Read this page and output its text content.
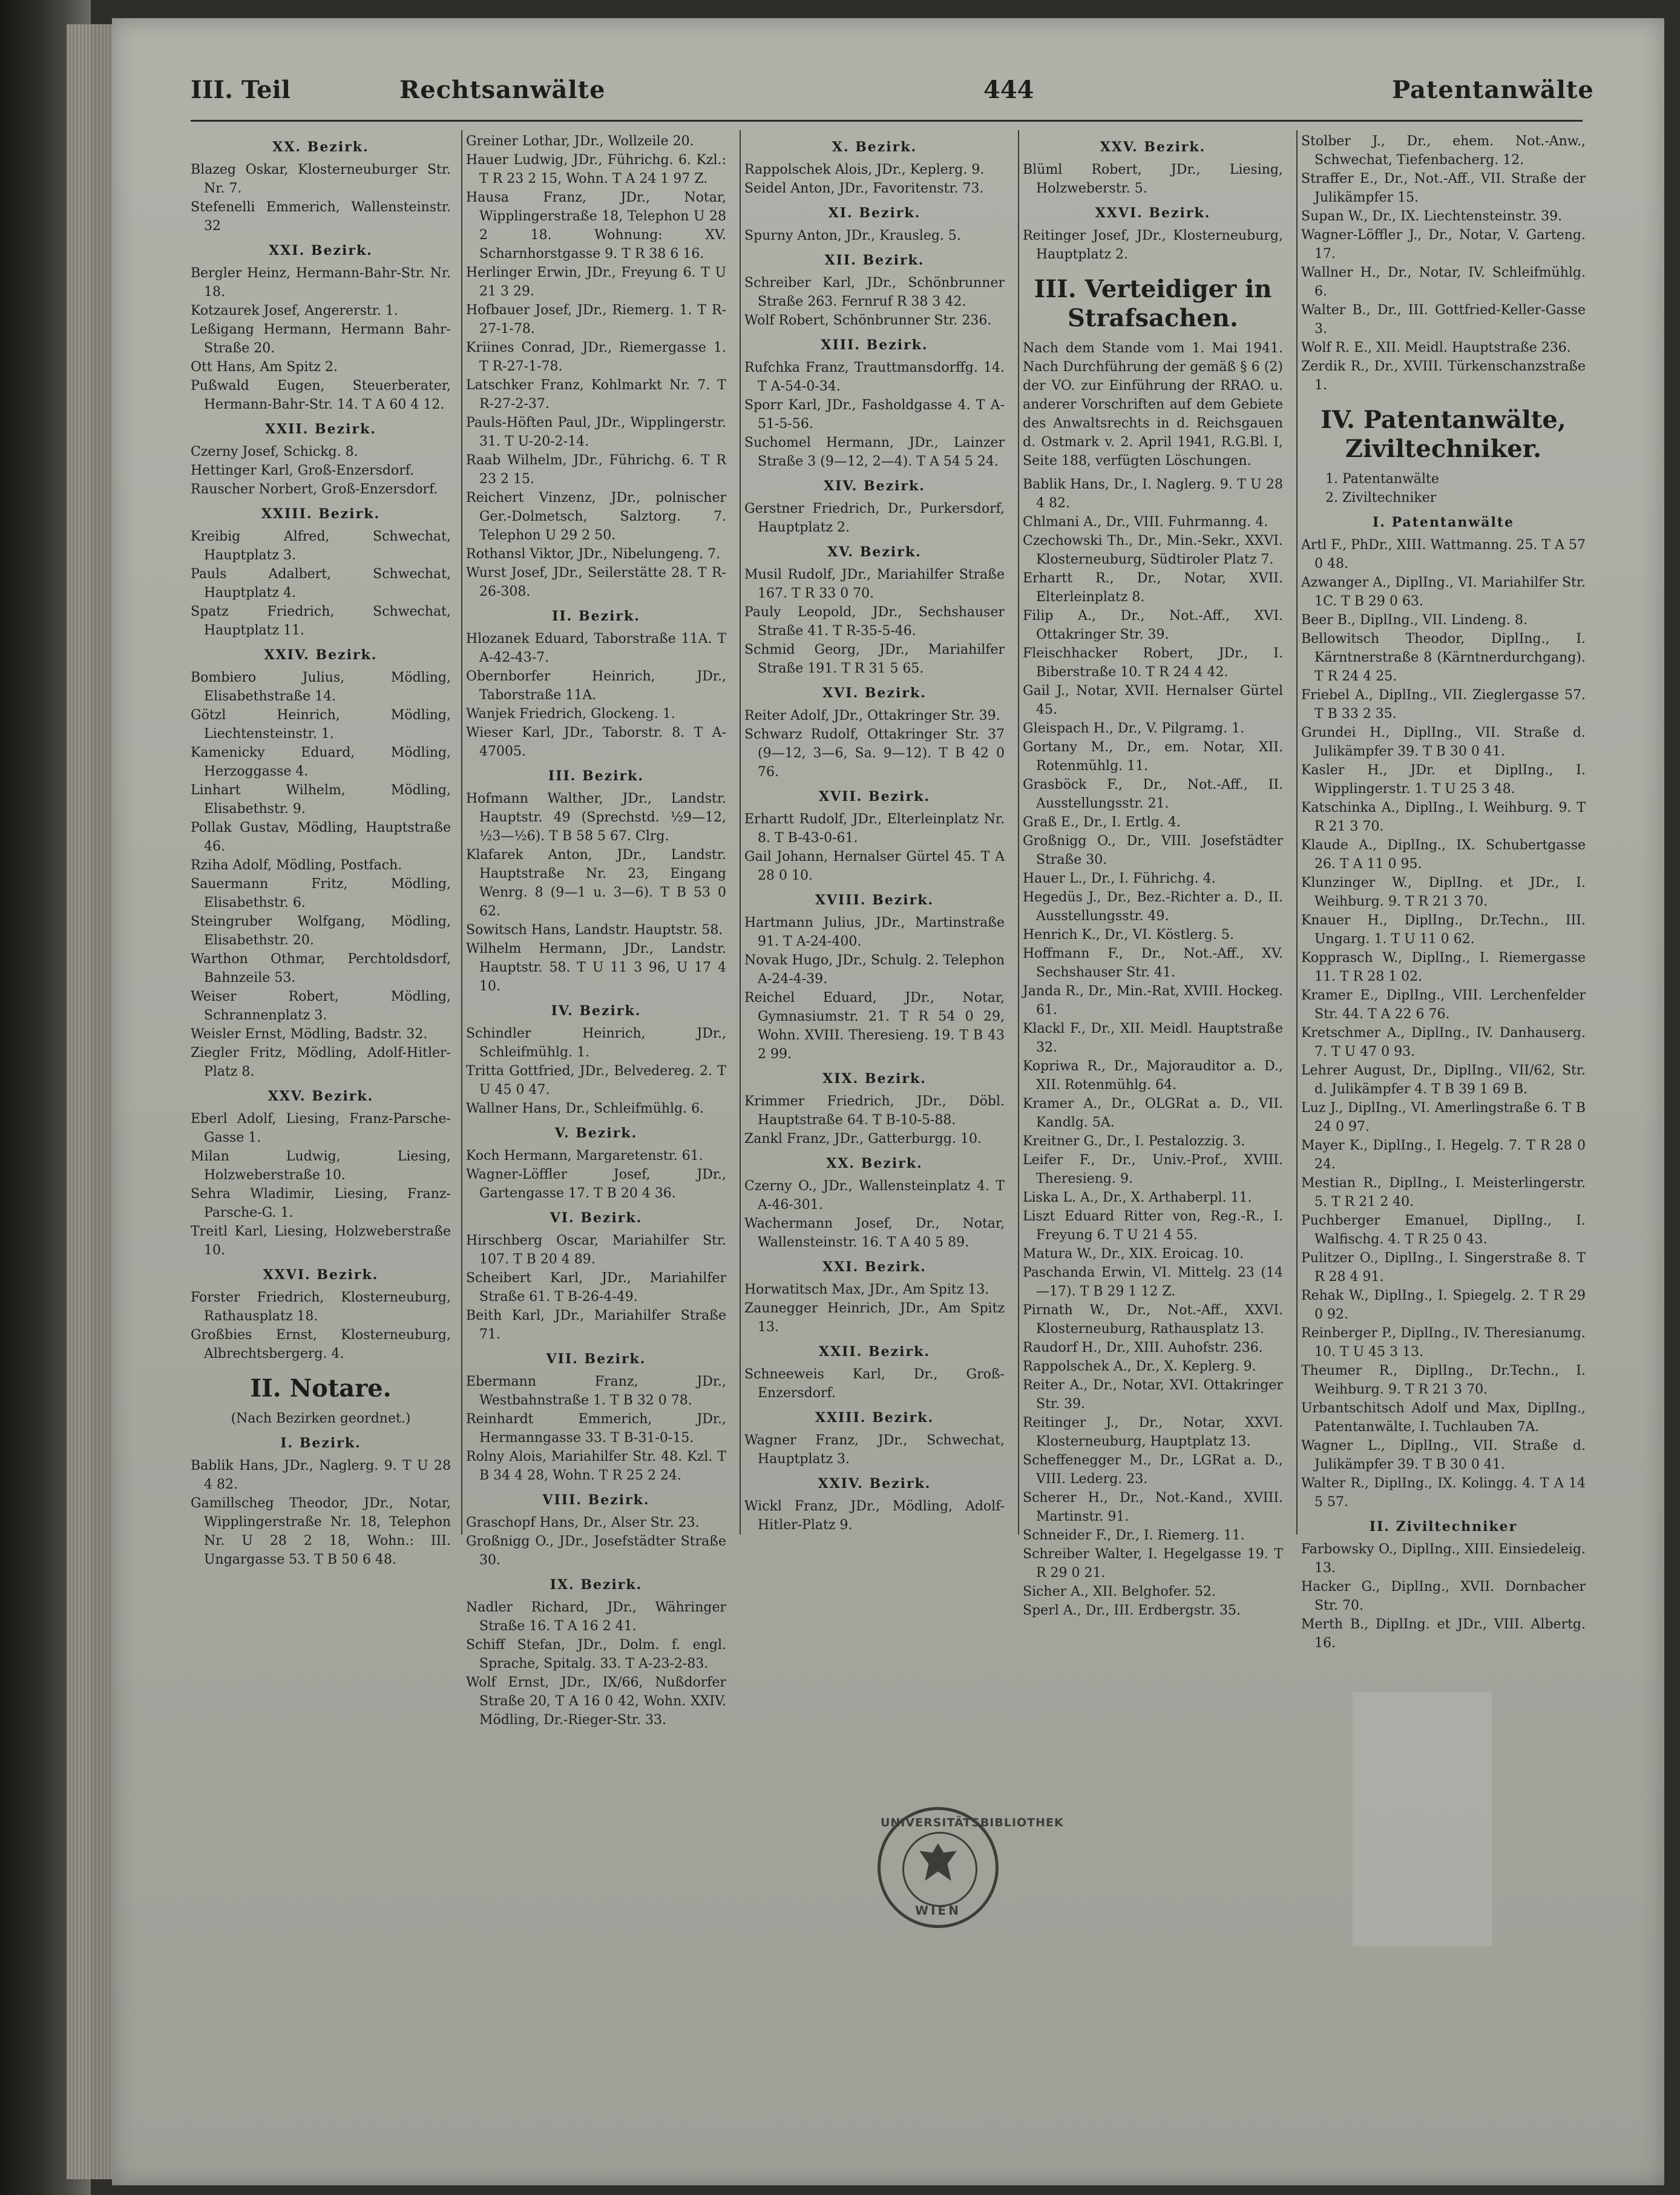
III. Teil	Rechtsanwälte	444	Patentanwälte
XX. Bezirk.

Blazeg Oskar, Klosterneuburger Str. Nr. 7.

Stefenelli Emmerich, Wallensteinstr. 32

XXI. Bezirk.

Bergler Heinz, Hermann-Bahr-Str. Nr. 18.

Kotzaurek Josef, Angererstr. 1.

Leßigang Hermann, Hermann Bahr-Straße 20.

Ott Hans, Am Spitz 2.

Pußwald Eugen, Steuerberater, Hermann-Bahr-Str. 14. T A 60 4 12.

XXII. Bezirk.

Czerny Josef, Schickg. 8.

Hettinger Karl, Groß-Enzersdorf.

Rauscher Norbert, Groß-Enzersdorf.

XXIII. Bezirk.

Kreibig Alfred, Schwechat, Hauptplatz 3.

Pauls Adalbert, Schwechat, Hauptplatz 4.

Spatz Friedrich, Schwechat, Hauptplatz 11.

XXIV. Bezirk.

Bombiero Julius, Mödling, Elisabethstraße 14.

Götzl Heinrich, Mödling, Liechtensteinstr. 1.

Kamenicky Eduard, Mödling, Herzoggasse 4.

Linhart Wilhelm, Mödling, Elisabethstr. 9.

Pollak Gustav, Mödling, Hauptstraße 46.

Rziha Adolf, Mödling, Postfach.

Sauermann Fritz, Mödling, Elisabethstr. 6.

Steingruber Wolfgang, Mödling, Elisabethstr. 20.

Warthon Othmar, Perchtoldsdorf, Bahnzeile 53.

Weiser Robert, Mödling, Schrannenplatz 3.

Weisler Ernst, Mödling, Badstr. 32.

Ziegler Fritz, Mödling, Adolf-Hitler-Platz 8.

XXV. Bezirk.

Eberl Adolf, Liesing, Franz-Parsche-Gasse 1.

Milan Ludwig, Liesing, Holzweberstraße 10.

Sehra Wladimir, Liesing, Franz-Parsche-G. 1.

Treitl Karl, Liesing, Holzweberstraße 10.

XXVI. Bezirk.

Forster Friedrich, Klosterneuburg, Rathausplatz 18.

Großbies Ernst, Klosterneuburg, Albrechtsbergerg. 4.

II. Notare.
(Nach Bezirken geordnet.)
I. Bezirk.

Bablik Hans, JDr., Naglerg. 9. T U 28 4 82.

Gamillscheg Theodor, JDr., Notar, Wipplingerstraße Nr. 18, Telephon Nr. U 28 2 18, Wohn.: III. Ungargasse 53. T B 50 6 48.

Greiner Lothar, JDr., Wollzeile 20.

Hauer Ludwig, JDr., Führichg. 6. Kzl.: T R 23 2 15, Wohn. T A 24 1 97 Z.

Hausa Franz, JDr., Notar, Wipplingerstraße 18, Telephon U 28 2 18. Wohnung: XV. Scharnhorstgasse 9. T R 38 6 16.

Herlinger Erwin, JDr., Freyung 6. T U 21 3 29.

Hofbauer Josef, JDr., Riemerg. 1. T R-27-1-78.

Kriines Conrad, JDr., Riemergasse 1. T R-27-1-78.

Latschker Franz, Kohlmarkt Nr. 7. T R-27-2-37.

Pauls-Höften Paul, JDr., Wipplingerstr. 31. T U-20-2-14.

Raab Wilhelm, JDr., Führichg. 6. T R 23 2 15.

Reichert Vinzenz, JDr., polnischer Ger.-Dolmetsch, Salztorg. 7. Telephon U 29 2 50.

Rothansl Viktor, JDr., Nibelungeng. 7.

Wurst Josef, JDr., Seilerstätte 28. T R-26-308.

II. Bezirk.

Hlozanek Eduard, Taborstraße 11A. T A-42-43-7.

Obernborfer Heinrich, JDr., Taborstraße 11A.

Wanjek Friedrich, Glockeng. 1.

Wieser Karl, JDr., Taborstr. 8. T A-47005.

III. Bezirk.

Hofmann Walther, JDr., Landstr. Hauptstr. 49 (Sprechstd. ½9—12, ½3—½6). T B 58 5 67. Clrg.

Klafarek Anton, JDr., Landstr. Hauptstraße Nr. 23, Eingang Wenrg. 8 (9—1 u. 3—6). T B 53 0 62.

Sowitsch Hans, Landstr. Hauptstr. 58.

Wilhelm Hermann, JDr., Landstr. Hauptstr. 58. T U 11 3 96, U 17 4 10.

IV. Bezirk.

Schindler Heinrich, JDr., Schleifmühlg. 1.

Tritta Gottfried, JDr., Belvedereg. 2. T U 45 0 47.

Wallner Hans, Dr., Schleifmühlg. 6.

V. Bezirk.

Koch Hermann, Margaretenstr. 61.

Wagner-Löffler Josef, JDr., Gartengasse 17. T B 20 4 36.

VI. Bezirk.

Hirschberg Oscar, Mariahilfer Str. 107. T B 20 4 89.

Scheibert Karl, JDr., Mariahilfer Straße 61. T B-26-4-49.

Beith Karl, JDr., Mariahilfer Straße 71.

VII. Bezirk.

Ebermann Franz, JDr., Westbahnstraße 1. T B 32 0 78.

Reinhardt Emmerich, JDr., Hermanngasse 33. T B-31-0-15.

Rolny Alois, Mariahilfer Str. 48. Kzl. T B 34 4 28, Wohn. T R 25 2 24.

VIII. Bezirk.

Graschopf Hans, Dr., Alser Str. 23.

Großnigg O., JDr., Josefstädter Straße 30.

IX. Bezirk.

Nadler Richard, JDr., Währinger Straße 16. T A 16 2 41.

Schiff Stefan, JDr., Dolm. f. engl. Sprache, Spitalg. 33. T A-23-2-83.

Wolf Ernst, JDr., IX/66, Nußdorfer Straße 20, T A 16 0 42, Wohn. XXIV. Mödling, Dr.-Rieger-Str. 33.

X. Bezirk.

Rappolschek Alois, JDr., Keplerg. 9.

Seidel Anton, JDr., Favoritenstr. 73.

XI. Bezirk.

Spurny Anton, JDr., Krausleg. 5.

XII. Bezirk.

Schreiber Karl, JDr., Schönbrunner Straße 263. Fernruf R 38 3 42.

Wolf Robert, Schönbrunner Str. 236.

XIII. Bezirk.

Rufchka Franz, Trauttmansdorffg. 14. T A-54-0-34.

Sporr Karl, JDr., Fasholdgasse 4. T A-51-5-56.

Suchomel Hermann, JDr., Lainzer Straße 3 (9—12, 2—4). T A 54 5 24.

XIV. Bezirk.

Gerstner Friedrich, Dr., Purkersdorf, Hauptplatz 2.

XV. Bezirk.

Musil Rudolf, JDr., Mariahilfer Straße 167. T R 33 0 70.

Pauly Leopold, JDr., Sechshauser Straße 41. T R-35-5-46.

Schmid Georg, JDr., Mariahilfer Straße 191. T R 31 5 65.

XVI. Bezirk.

Reiter Adolf, JDr., Ottakringer Str. 39.

Schwarz Rudolf, Ottakringer Str. 37 (9—12, 3—6, Sa. 9—12). T B 42 0 76.

XVII. Bezirk.

Erhartt Rudolf, JDr., Elterleinplatz Nr. 8. T B-43-0-61.

Gail Johann, Hernalser Gürtel 45. T A 28 0 10.

XVIII. Bezirk.

Hartmann Julius, JDr., Martinstraße 91. T A-24-400.

Novak Hugo, JDr., Schulg. 2. Telephon A-24-4-39.

Reichel Eduard, JDr., Notar, Gymnasiumstr. 21. T R 54 0 29, Wohn. XVIII. Theresieng. 19. T B 43 2 99.

XIX. Bezirk.

Krimmer Friedrich, JDr., Döbl. Hauptstraße 64. T B-10-5-88.

Zankl Franz, JDr., Gatterburgg. 10.

XX. Bezirk.

Czerny O., JDr., Wallensteinplatz 4. T A-46-301.

Wachermann Josef, Dr., Notar, Wallensteinstr. 16. T A 40 5 89.

XXI. Bezirk.

Horwatitsch Max, JDr., Am Spitz 13.

Zaunegger Heinrich, JDr., Am Spitz 13.

XXII. Bezirk.

Schneeweis Karl, Dr., Groß-Enzersdorf.

XXIII. Bezirk.

Wagner Franz, JDr., Schwechat, Hauptplatz 3.

XXIV. Bezirk.

Wickl Franz, JDr., Mödling, Adolf-Hitler-Platz 9.

XXV. Bezirk.

Blüml Robert, JDr., Liesing, Holzweberstr. 5.

XXVI. Bezirk.

Reitinger Josef, JDr., Klosterneuburg, Hauptplatz 2.

III. Verteidiger in Strafsachen.

Nach dem Stande vom 1. Mai 1941. Nach Durchführung der gemäß § 6 (2) der VO. zur Einführung der RRAO. u. anderer Vorschriften auf dem Gebiete des Anwaltsrechts in d. Reichsgauen d. Ostmark v. 2. April 1941, R.G.Bl. I, Seite 188, verfügten Löschungen.

Bablik Hans, Dr., I. Naglerg. 9. T U 28 4 82.

Chlmani A., Dr., VIII. Fuhrmanng. 4.

Czechowski Th., Dr., Min.-Sekr., XXVI. Klosterneuburg, Südtiroler Platz 7.

Erhartt R., Dr., Notar, XVII. Elterleinplatz 8.

Filip A., Dr., Not.-Aff., XVI. Ottakringer Str. 39.

Fleischhacker Robert, JDr., I. Biberstraße 10. T R 24 4 42.

Gail J., Notar, XVII. Hernalser Gürtel 45.

Gleispach H., Dr., V. Pilgramg. 1.

Gortany M., Dr., em. Notar, XII. Rotenmühlg. 11.

Grasböck F., Dr., Not.-Aff., II. Ausstellungsstr. 21.

Graß E., Dr., I. Ertlg. 4.

Großnigg O., Dr., VIII. Josefstädter Straße 30.

Hauer L., Dr., I. Führichg. 4.

Hegedüs J., Dr., Bez.-Richter a. D., II. Ausstellungsstr. 49.

Henrich K., Dr., VI. Köstlerg. 5.

Hoffmann F., Dr., Not.-Aff., XV. Sechshauser Str. 41.

Janda R., Dr., Min.-Rat, XVIII. Hockeg. 61.

Klackl F., Dr., XII. Meidl. Hauptstraße 32.

Kopriwa R., Dr., Majorauditor a. D., XII. Rotenmühlg. 64.

Kramer A., Dr., OLGRat a. D., VII. Kandlg. 5A.

Kreitner G., Dr., I. Pestalozzig. 3.

Leifer F., Dr., Univ.-Prof., XVIII. Theresieng. 9.

Liska L. A., Dr., X. Arthaberpl. 11.

Liszt Eduard Ritter von, Reg.-R., I. Freyung 6. T U 21 4 55.

Matura W., Dr., XIX. Eroicag. 10.

Paschanda Erwin, VI. Mittelg. 23 (14—17). T B 29 1 12 Z.

Pirnath W., Dr., Not.-Aff., XXVI. Klosterneuburg, Rathausplatz 13.

Raudorf H., Dr., XIII. Auhofstr. 236.

Rappolschek A., Dr., X. Keplerg. 9.

Reiter A., Dr., Notar, XVI. Ottakringer Str. 39.

Reitinger J., Dr., Notar, XXVI. Klosterneuburg, Hauptplatz 13.

Scheffenegger M., Dr., LGRat a. D., VIII. Lederg. 23.

Scherer H., Dr., Not.-Kand., XVIII. Martinstr. 91.

Schneider F., Dr., I. Riemerg. 11.

Schreiber Walter, I. Hegelgasse 19. T R 29 0 21.

Sicher A., XII. Belghofer. 52.

Sperl A., Dr., III. Erdbergstr. 35.

Stolber J., Dr., ehem. Not.-Anw., Schwechat, Tiefenbacherg. 12.

Straffer E., Dr., Not.-Aff., VII. Straße der Julikämpfer 15.

Supan W., Dr., IX. Liechtensteinstr. 39.

Wagner-Löffler J., Dr., Notar, V. Garteng. 17.

Wallner H., Dr., Notar, IV. Schleifmühlg. 6.

Walter B., Dr., III. Gottfried-Keller-Gasse 3.

Wolf R. E., XII. Meidl. Hauptstraße 236.

Zerdik R., Dr., XVIII. Türkenschanzstraße 1.

IV. Patentanwälte, Ziviltechniker.

1. Patentanwälte

2. Ziviltechniker

I. Patentanwälte

Artl F., PhDr., XIII. Wattmanng. 25. T A 57 0 48.

Azwanger A., DiplIng., VI. Mariahilfer Str. 1C. T B 29 0 63.

Beer B., DiplIng., VII. Lindeng. 8.

Bellowitsch Theodor, DiplIng., I. Kärntnerstraße 8 (Kärntnerdurchgang). T R 24 4 25.

Friebel A., DiplIng., VII. Zieglergasse 57. T B 33 2 35.

Grundei H., DiplIng., VII. Straße d. Julikämpfer 39. T B 30 0 41.

Kasler H., JDr. et DiplIng., I. Wipplingerstr. 1. T U 25 3 48.

Katschinka A., DiplIng., I. Weihburg. 9. T R 21 3 70.

Klaude A., DiplIng., IX. Schubertgasse 26. T A 11 0 95.

Klunzinger W., DiplIng. et JDr., I. Weihburg. 9. T R 21 3 70.

Knauer H., DiplIng., Dr.Techn., III. Ungarg. 1. T U 11 0 62.

Kopprasch W., DiplIng., I. Riemergasse 11. T R 28 1 02.

Kramer E., DiplIng., VIII. Lerchenfelder Str. 44. T A 22 6 76.

Kretschmer A., DiplIng., IV. Danhauserg. 7. T U 47 0 93.

Lehrer August, Dr., DiplIng., VII/62, Str. d. Julikämpfer 4. T B 39 1 69 B.

Luz J., DiplIng., VI. Amerlingstraße 6. T B 24 0 97.

Mayer K., DiplIng., I. Hegelg. 7. T R 28 0 24.

Mestian R., DiplIng., I. Meisterlingerstr. 5. T R 21 2 40.

Puchberger Emanuel, DiplIng., I. Walfischg. 4. T R 25 0 43.

Pulitzer O., DiplIng., I. Singerstraße 8. T R 28 4 91.

Rehak W., DiplIng., I. Spiegelg. 2. T R 29 0 92.

Reinberger P., DiplIng., IV. Theresianumg. 10. T U 45 3 13.

Theumer R., DiplIng., Dr.Techn., I. Weihburg. 9. T R 21 3 70.

Urbantschitsch Adolf und Max, DiplIng., Patentanwälte, I. Tuchlauben 7A.

Wagner L., DiplIng., VII. Straße d. Julikämpfer 39. T B 30 0 41.

Walter R., DiplIng., IX. Kolingg. 4. T A 14 5 57.

II. Ziviltechniker

Farbowsky O., DiplIng., XIII. Einsiedeleig. 13.

Hacker G., DiplIng., XVII. Dornbacher Str. 70.

Merth B., DiplIng. et JDr., VIII. Albertg. 16.

UNIVERSITÄTSBIBLIOTHEK
WIEN
